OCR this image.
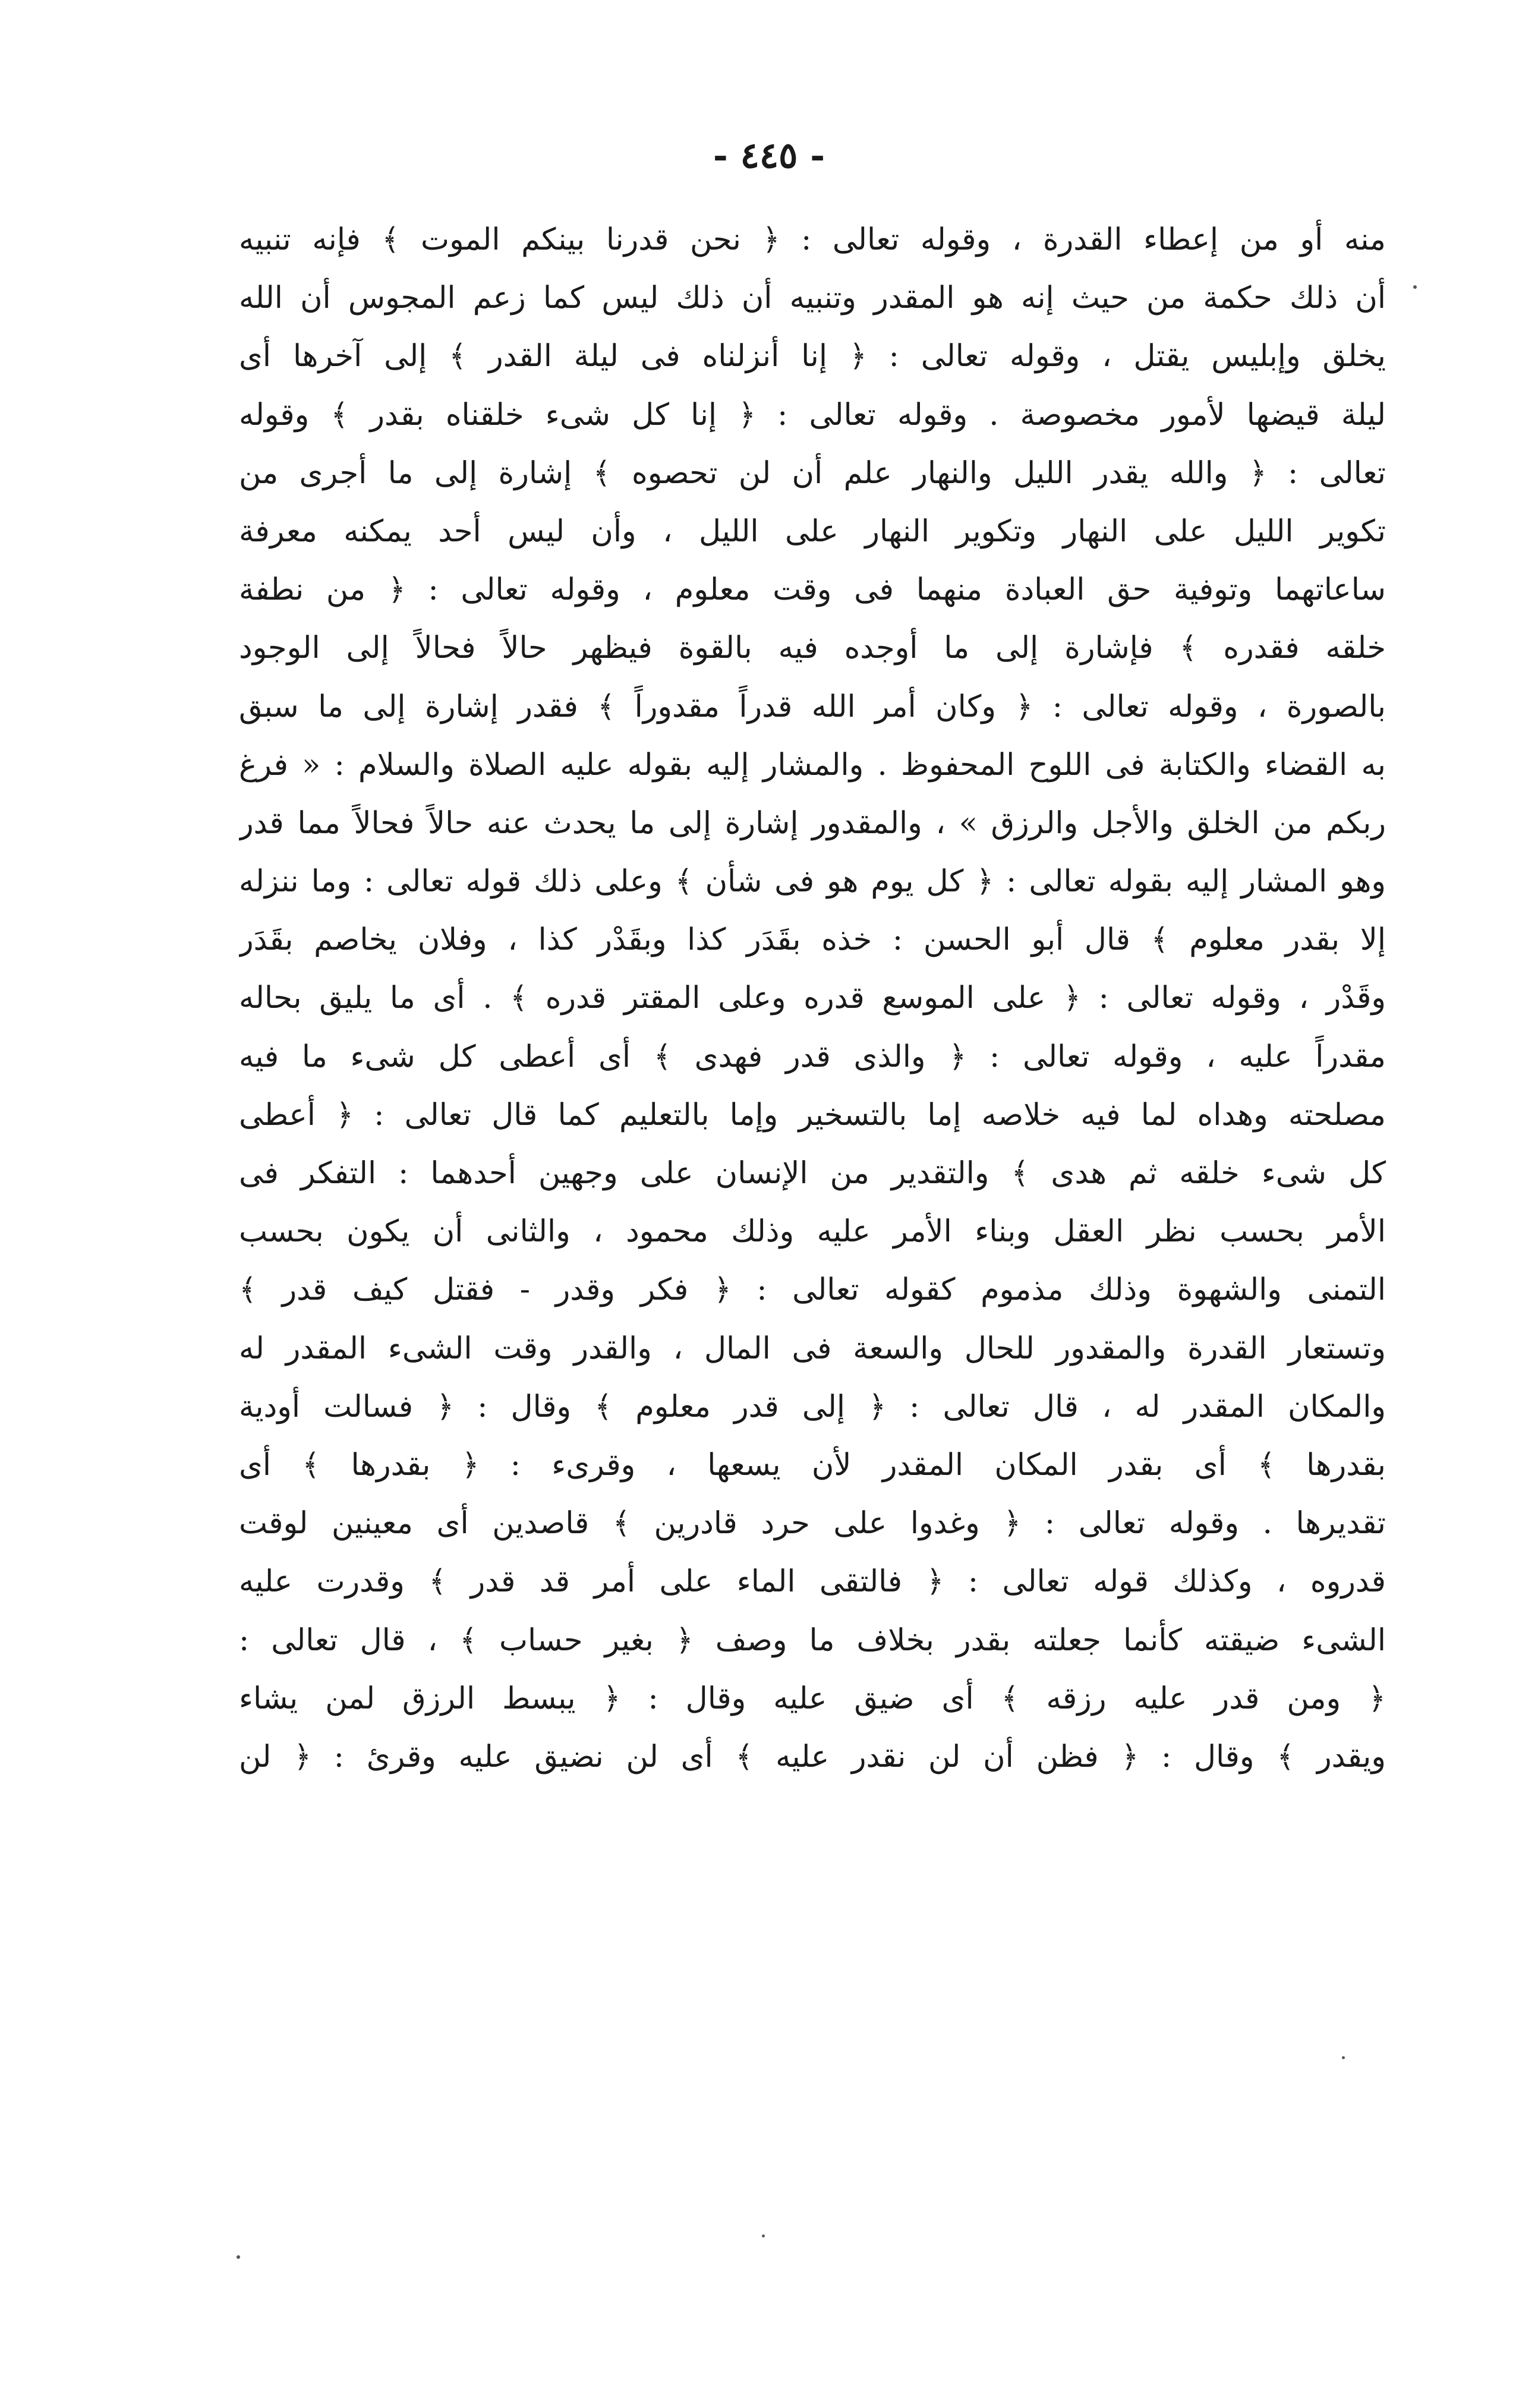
- ٤٤٥ -
منه أو من إعطاء القدرة ، وقوله تعالى : ﴿ نحن قدرنا بينكم الموت ﴾ فإنه تنبيه
أن ذلك حكمة من حيث إنه هو المقدر وتنبيه أن ذلك ليس كما زعم المجوس أن الله
يخلق وإبليس يقتل ، وقوله تعالى : ﴿ إنا أنزلناه فى ليلة القدر ﴾ إلى آخرها أى
ليلة قيضها لأمور مخصوصة . وقوله تعالى : ﴿ إنا كل شىء خلقناه بقدر ﴾ وقوله
تعالى : ﴿ والله يقدر الليل والنهار علم أن لن تحصوه ﴾ إشارة إلى ما أجرى من
تكوير الليل على النهار وتكوير النهار على الليل ، وأن ليس أحد يمكنه معرفة
ساعاتهما وتوفية حق العبادة منهما فى وقت معلوم ، وقوله تعالى : ﴿ من نطفة
خلقه فقدره ﴾ فإشارة إلى ما أوجده فيه بالقوة فيظهر حالاً فحالاً إلى الوجود
بالصورة ، وقوله تعالى : ﴿ وكان أمر الله قدراً مقدوراً ﴾ فقدر إشارة إلى ما سبق
به القضاء والكتابة فى اللوح المحفوظ . والمشار إليه بقوله عليه الصلاة والسلام : « فرغ
ربكم من الخلق والأجل والرزق » ، والمقدور إشارة إلى ما يحدث عنه حالاً فحالاً مما قدر
وهو المشار إليه بقوله تعالى : ﴿ كل يوم هو فى شأن ﴾ وعلى ذلك قوله تعالى : وما ننزله
إلا بقدر معلوم ﴾ قال أبو الحسن : خذه بقَدَر كذا وبقَدْر كذا ، وفلان يخاصم بقَدَر
وقَدْر ، وقوله تعالى : ﴿ على الموسع قدره وعلى المقتر قدره ﴾ . أى ما يليق بحاله
مقدراً عليه ، وقوله تعالى : ﴿ والذى قدر فهدى ﴾ أى أعطى كل شىء ما فيه
مصلحته وهداه لما فيه خلاصه إما بالتسخير وإما بالتعليم كما قال تعالى : ﴿ أعطى
كل شىء خلقه ثم هدى ﴾ والتقدير من الإنسان على وجهين أحدهما : التفكر فى
الأمر بحسب نظر العقل وبناء الأمر عليه وذلك محمود ، والثانى أن يكون بحسب
التمنى والشهوة وذلك مذموم كقوله تعالى : ﴿ فكر وقدر - فقتل كيف قدر ﴾
وتستعار القدرة والمقدور للحال والسعة فى المال ، والقدر وقت الشىء المقدر له
والمكان المقدر له ، قال تعالى : ﴿ إلى قدر معلوم ﴾ وقال : ﴿ فسالت أودية
بقدرها ﴾ أى بقدر المكان المقدر لأن يسعها ، وقرىء : ﴿ بقدرها ﴾ أى
تقديرها . وقوله تعالى : ﴿ وغدوا على حرد قادرين ﴾ قاصدين أى معينين لوقت
قدروه ، وكذلك قوله تعالى : ﴿ فالتقى الماء على أمر قد قدر ﴾ وقدرت عليه
الشىء ضيقته كأنما جعلته بقدر بخلاف ما وصف ﴿ بغير حساب ﴾ ، قال تعالى :
﴿ ومن قدر عليه رزقه ﴾ أى ضيق عليه وقال : ﴿ يبسط الرزق لمن يشاء
ويقدر ﴾ وقال : ﴿ فظن أن لن نقدر عليه ﴾ أى لن نضيق عليه وقرئ : ﴿ لن
